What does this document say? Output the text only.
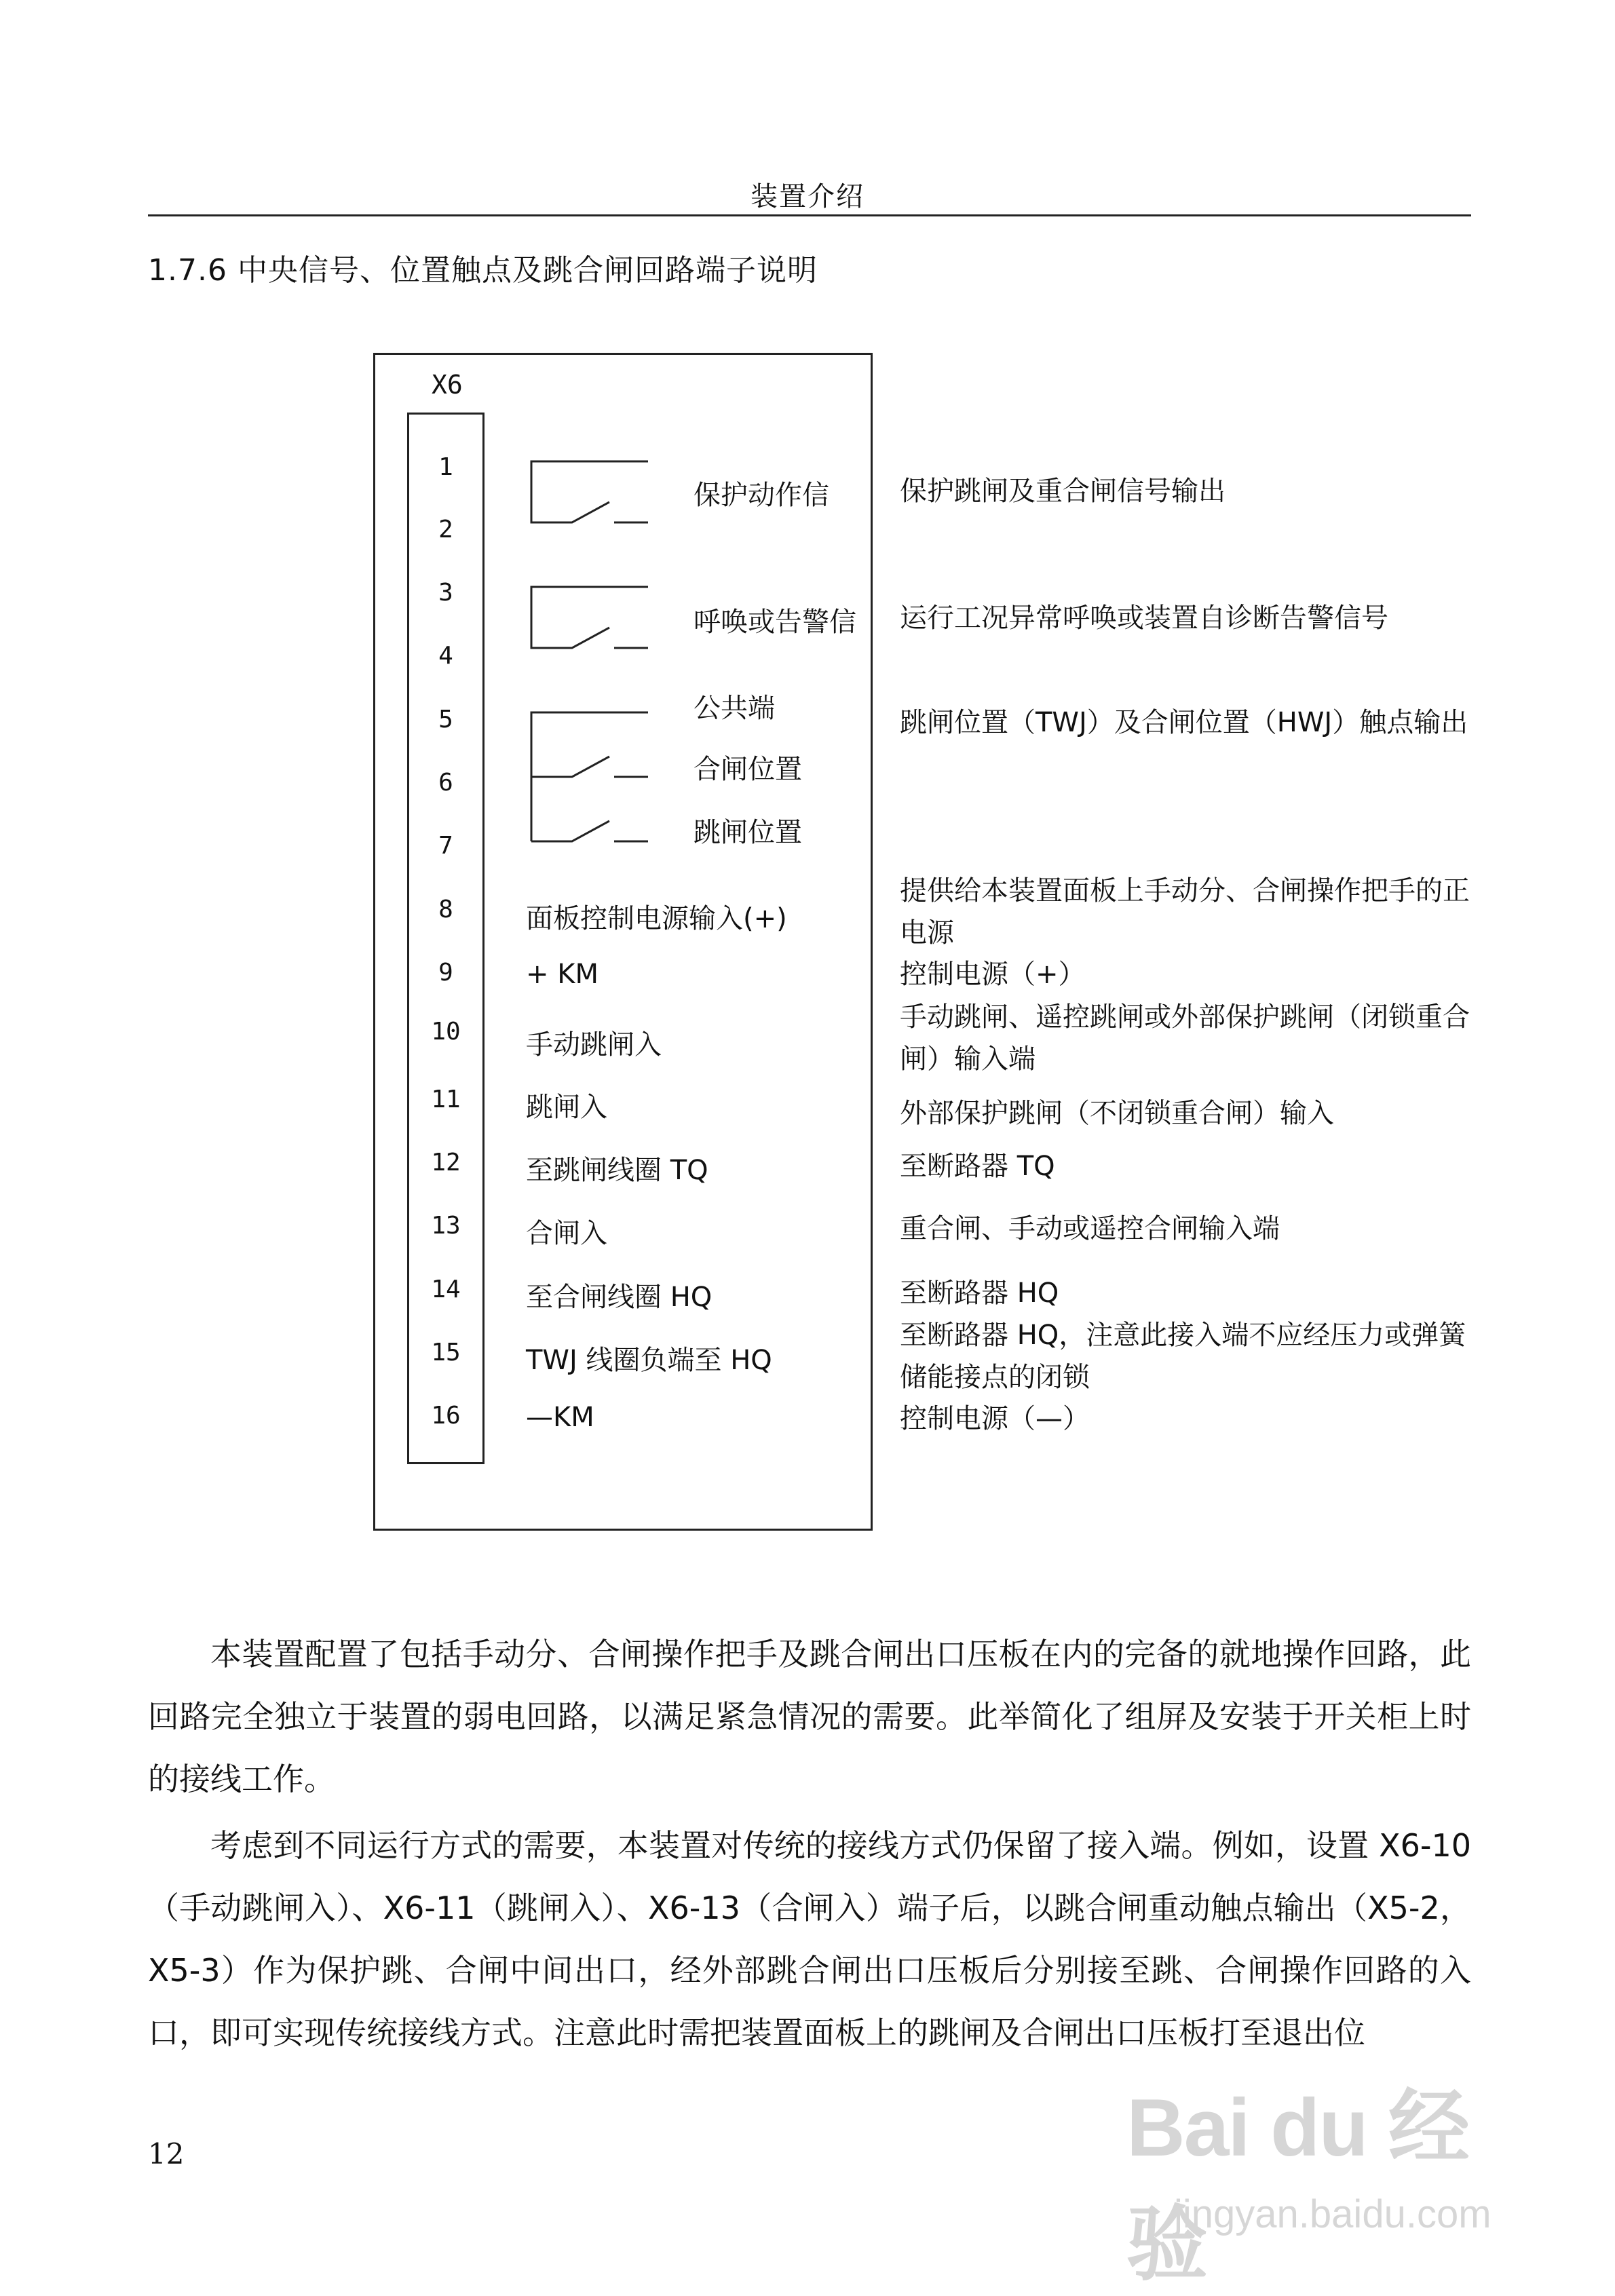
装置介绍
1.7.6 中央信号、位置触点及跳合闸回路端子说明
X6
1
2
3
4
5
6
7
8
9
10
11
12
13
14
15
16
保护动作信
呼唤或告警信
公共端
合闸位置
跳闸位置
面板控制电源输入(+)
+ KM
手动跳闸入
跳闸入
至跳闸线圈 TQ
合闸入
至合闸线圈 HQ
TWJ 线圈负端至 HQ
—KM
保护跳闸及重合闸信号输出
运行工况异常呼唤或装置自诊断告警信号
跳闸位置（TWJ）及合闸位置（HWJ）触点输出
提供给本装置面板上手动分、合闸操作把手的正电源
控制电源（+）
手动跳闸、遥控跳闸或外部保护跳闸（闭锁重合闸）输入端
外部保护跳闸（不闭锁重合闸）输入
至断路器 TQ
重合闸、手动或遥控合闸输入端
至断路器 HQ
至断路器 HQ，注意此接入端不应经压力或弹簧储能接点的闭锁
控制电源（—）
本装置配置了包括手动分、合闸操作把手及跳合闸出口压板在内的完备的就地操作回路，此回路完全独立于装置的弱电回路，以满足紧急情况的需要。此举简化了组屏及安装于开关柜上时的接线工作。
考虑到不同运行方式的需要，本装置对传统的接线方式仍保留了接入端。例如，设置 X6-10（手动跳闸入）、X6-11（跳闸入）、X6-13（合闸入）端子后，以跳合闸重动触点输出（X5-2，X5-3）作为保护跳、合闸中间出口，经外部跳合闸出口压板后分别接至跳、合闸操作回路的入口，即可实现传统接线方式。注意此时需把装置面板上的跳闸及合闸出口压板打至退出位
12	Bai du 经验
jingyan.baidu.com
